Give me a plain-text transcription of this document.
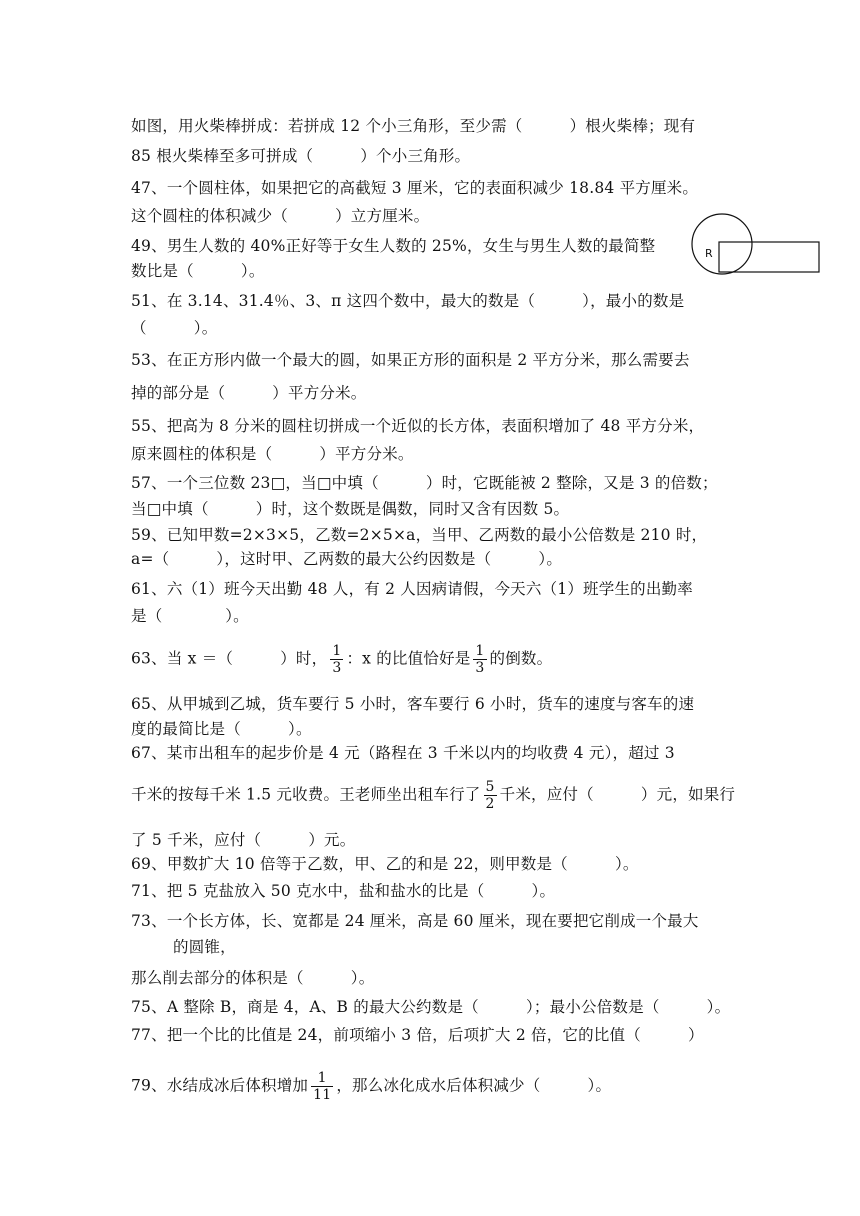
如图，用火柴棒拼成：若拼成 12 个小三角形，至少需（　　　）根火柴棒；现有
85 根火柴棒至多可拼成（　　　）个小三角形。
47、一个圆柱体，如果把它的高截短 3 厘米，它的表面积减少 18.84 平方厘米。
这个圆柱的体积减少（　　　）立方厘米。
49、男生人数的 40%正好等于女生人数的 25%，女生与男生人数的最简整
数比是（　　　）。
R
51、在 3.14、31.4％、3、π 这四个数中，最大的数是（　　　），最小的数是
（　　　）。
53、在正方形内做一个最大的圆，如果正方形的面积是 2 平方分米，那么需要去
掉的部分是（　　　）平方分米。
55、把高为 8 分米的圆柱切拼成一个近似的长方体，表面积增加了 48 平方分米，
原来圆柱的体积是（　　　）平方分米。
57、一个三位数 23□，当□中填（　　　）时，它既能被 2 整除，又是 3 的倍数；
当□中填（　　　）时，这个数既是偶数，同时又含有因数 5。
59、已知甲数=2×3×5，乙数=2×5×a，当甲、乙两数的最小公倍数是 210 时，
a=（　　　），这时甲、乙两数的最大公约因数是（　　　）。
61、六（1）班今天出勤 48 人，有 2 人因病请假，今天六（1）班学生的出勤率
是（　　　　）。
63、当 x ＝（　　　）时， $\frac{1}{3}$ ：x 的比值恰好是 $\frac{1}{3}$ 的倒数。
65、从甲城到乙城，货车要行 5 小时，客车要行 6 小时，货车的速度与客车的速
度的最简比是（　　　）。
67、某市出租车的起步价是 4 元（路程在 3 千米以内的均收费 4 元），超过 3
千米的按每千米 1.5 元收费。王老师坐出租车行了 $\frac{5}{2}$ 千米，应付（　　　）元，如果行
了 5 千米，应付（　　　）元。
69、甲数扩大 10 倍等于乙数，甲、乙的和是 22，则甲数是（　　　）。
71、把 5 克盐放入 50 克水中，盐和盐水的比是（　　　）。
73、一个长方体，长、宽都是 24 厘米，高是 60 厘米，现在要把它削成一个最大
的圆锥，
那么削去部分的体积是（　　　）。
75、A 整除 B，商是 4，A、B 的最大公约数是（　　　）；最小公倍数是（　　　）。
77、把一个比的比值是 24，前项缩小 3 倍，后项扩大 2 倍，它的比值（　　　）
79、水结成冰后体积增加 $\frac{1}{11}$ ，那么冰化成水后体积减少（　　　）。
